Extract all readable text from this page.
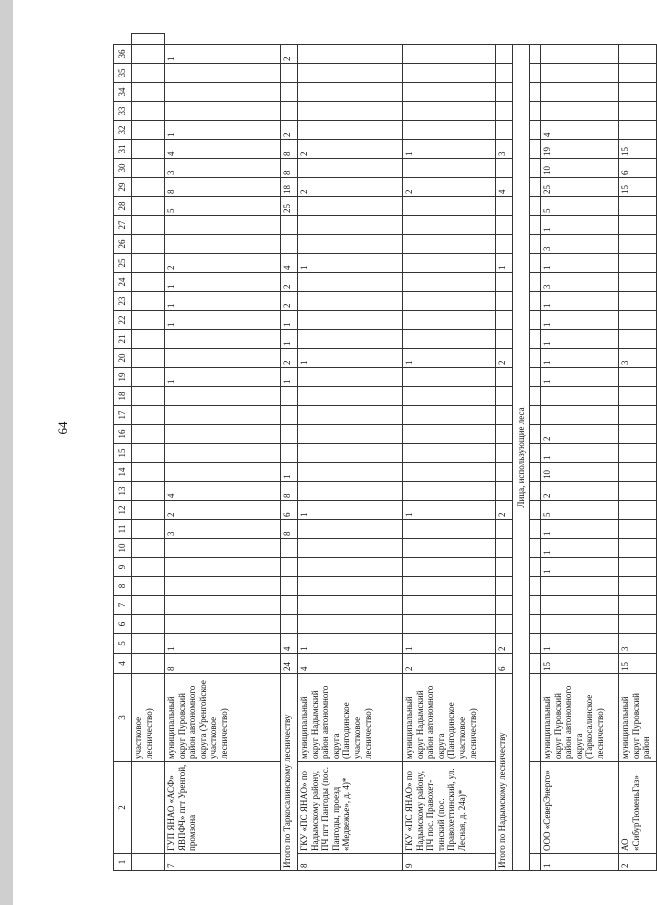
64
1	2	3	4	5	6	7	8	9	10	11	12	13	14	15	16	17	18	19	20	21	22	23	24	25	26	27	28	29	30	31	32	33	34	35	36	
		участковое лесничество)																																		
7	ГУП ЯНАО «АСФ» ЯВПФЧ» пгт Уренгой, промзона	муниципальный округ Пуровский район автономного округа (Уренгойское участковое лесничество)	8	1						3	2	4						1			1	1	1	2			5	8	3	4	1				1	
Итого по Таркосалинскому лесничеству			24	4						8	6	8	1					1	2	1	1	2	2	4			25	18	8	8	2				2	
8	ГКУ «ПС ЯНАО» по Надымскому району, ПЧ пгт Пангоды (пос. Пангоды, проезд «Медвежье», д. 4)*	муниципальный округ Надымский район автономного округа (Пангодинское участковое лесничество)	4	1							1								1					1				2		2						
9	ГКУ «ПС ЯНАО» по Надымскому району, ПЧ пос. Правохет-тинский (пос. Правохеттинский, ул. Лесная, д. 24а)*	муниципальный округ Надымский район автономного округа (Пангодинское участковое лесничество)	2	1							1								1									2		1						
Итого по Надымскому лесничеству			6	2							2								2					1				4		3						
Лица, использующие леса																																				

1	ООО «СеверЭнерго»	муниципальный округ Пуровский район автономного округа (Таркосалинское лесничество)	15	1				1	1	1	5	2	10	1	2			1	1	1	1	1	3	1	3	1	5	25	10	19	4					
2	АО «СибурТюменьГаз»	муниципальный округ Пуровский район	15	3															3									15	6	15						
